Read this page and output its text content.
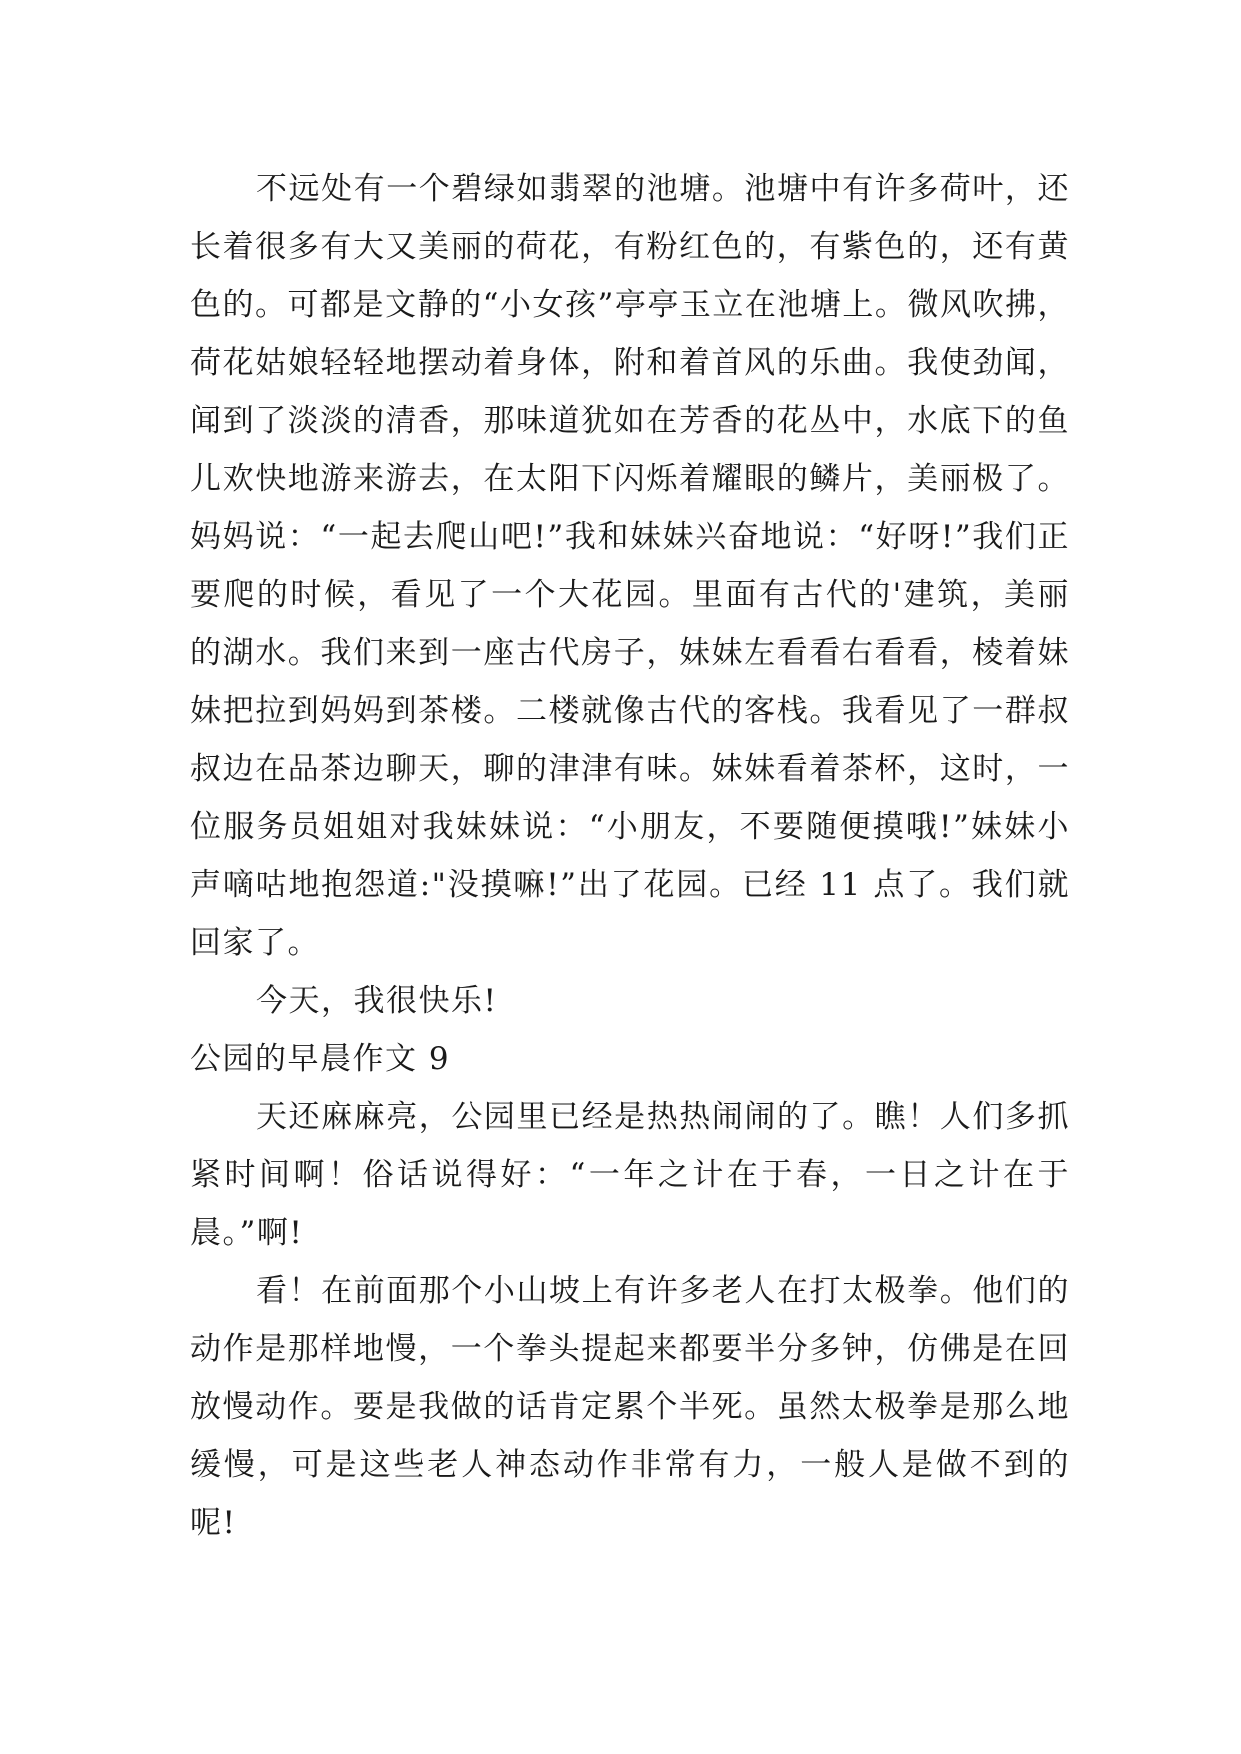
不远处有一个碧绿如翡翠的池塘。池塘中有许多荷叶，还长着很多有大又美丽的荷花，有粉红色的，有紫色的，还有黄色的。可都是文静的“小女孩”亭亭玉立在池塘上。微风吹拂，荷花姑娘轻轻地摆动着身体，附和着首风的乐曲。我使劲闻，闻到了淡淡的清香，那味道犹如在芳香的花丛中，水底下的鱼儿欢快地游来游去，在太阳下闪烁着耀眼的鳞片，美丽极了。妈妈说：“一起去爬山吧!”我和妹妹兴奋地说：“好呀!”我们正要爬的时候，看见了一个大花园。里面有古代的'建筑，美丽的湖水。我们来到一座古代房子，妹妹左看看右看看，棱着妹妹把拉到妈妈到茶楼。二楼就像古代的客栈。我看见了一群叔叔边在品茶边聊天，聊的津津有味。妹妹看着茶杯，这时，一位服务员姐姐对我妹妹说：“小朋友，不要随便摸哦!”妹妹小声嘀咕地抱怨道:"没摸嘛!”出了花园。已经 11 点了。我们就回家了。

今天，我很快乐!

公园的早晨作文 9

天还麻麻亮，公园里已经是热热闹闹的了。瞧！人们多抓紧时间啊！俗话说得好：“一年之计在于春，一日之计在于晨。”啊!

看！在前面那个小山坡上有许多老人在打太极拳。他们的动作是那样地慢，一个拳头提起来都要半分多钟，仿佛是在回放慢动作。要是我做的话肯定累个半死。虽然太极拳是那么地缓慢，可是这些老人神态动作非常有力，一般人是做不到的呢!
